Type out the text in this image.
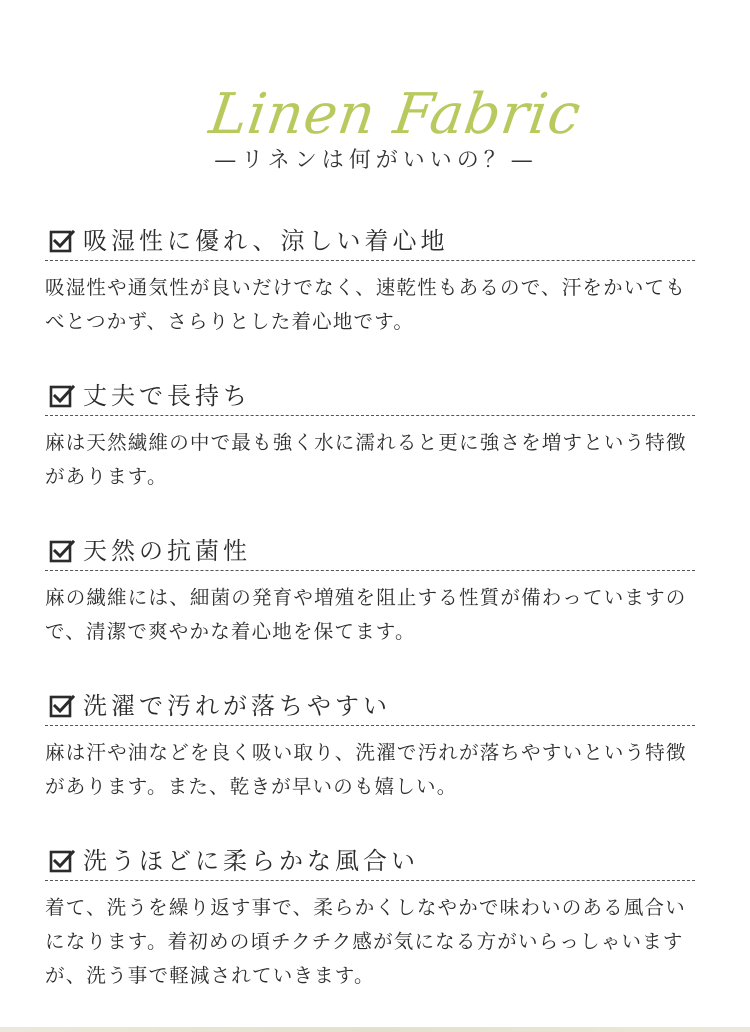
Linen Fabric
—リネンは何がいいの？—
吸湿性に優れ、涼しい着心地
吸湿性や通気性が良いだけでなく、速乾性もあるので、汗をかいてもべとつかず、さらりとした着心地です。
丈夫で長持ち
麻は天然繊維の中で最も強く水に濡れると更に強さを増すという特徴があります。
天然の抗菌性
麻の繊維には、細菌の発育や増殖を阻止する性質が備わっていますので、清潔で爽やかな着心地を保てます。
洗濯で汚れが落ちやすい
麻は汗や油などを良く吸い取り、洗濯で汚れが落ちやすいという特徴があります。また、乾きが早いのも嬉しい。
洗うほどに柔らかな風合い
着て、洗うを繰り返す事で、柔らかくしなやかで味わいのある風合いになります。着初めの頃チクチク感が気になる方がいらっしゃいますが、洗う事で軽減されていきます。
